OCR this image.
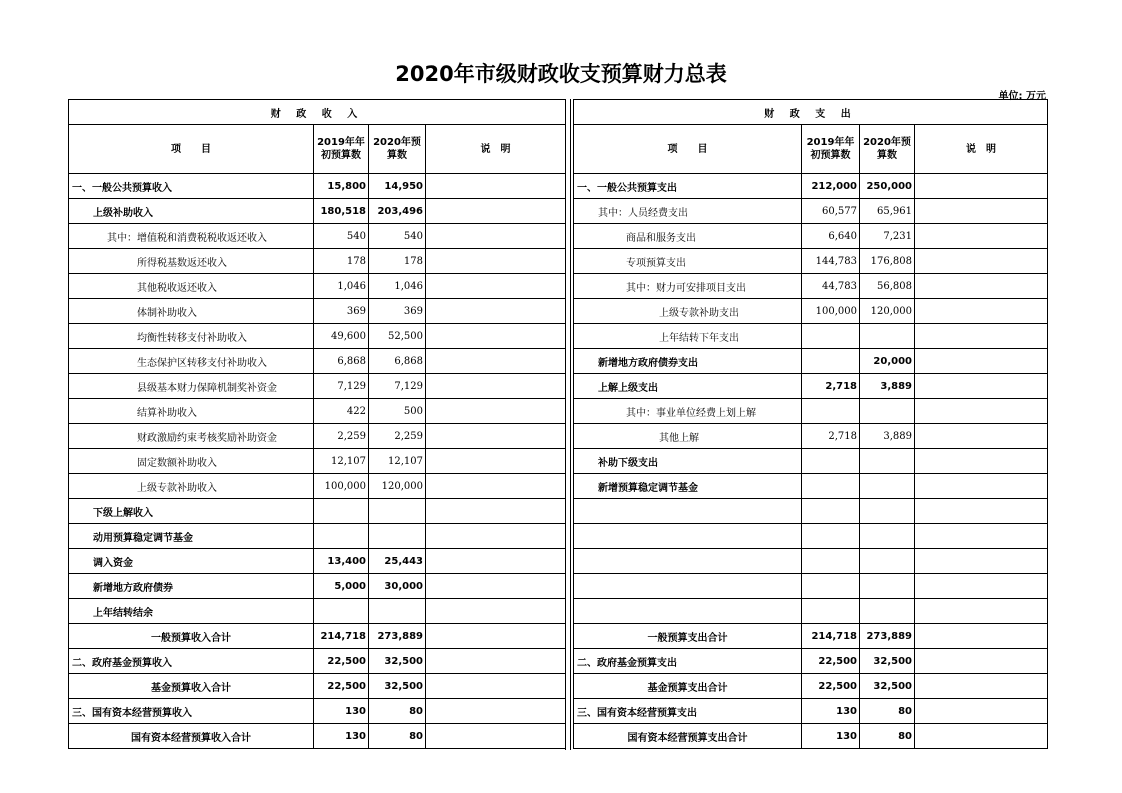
2020年市级财政收支预算财力总表
单位: 万元
财 政 收 入			
项　　目	2019年年初预算数	2020年预算数	说　明
一、一般公共预算收入	15,800	14,950	
上级补助收入	180,518	203,496	
其中：增值税和消费税税收返还收入	540	540	
所得税基数返还收入	178	178	
其他税收返还收入	1,046	1,046	
体制补助收入	369	369	
均衡性转移支付补助收入	49,600	52,500	
生态保护区转移支付补助收入	6,868	6,868	
县级基本财力保障机制奖补资金	7,129	7,129	
结算补助收入	422	500	
财政激励约束考核奖励补助资金	2,259	2,259	
固定数额补助收入	12,107	12,107	
上级专款补助收入	100,000	120,000	
下级上解收入			
动用预算稳定调节基金			
调入资金	13,400	25,443	
新增地方政府债券	5,000	30,000	
上年结转结余			
一般预算收入合计	214,718	273,889	
二、政府基金预算收入	22,500	32,500	
基金预算收入合计	22,500	32,500	
三、国有资本经营预算收入	130	80	
国有资本经营预算收入合计	130	80	
财 政 支 出			
项　　目	2019年年初预算数	2020年预算数	说　明
一、一般公共预算支出	212,000	250,000	
其中：人员经费支出	60,577	65,961	
商品和服务支出	6,640	7,231	
专项预算支出	144,783	176,808	
其中：财力可安排项目支出	44,783	56,808	
上级专款补助支出	100,000	120,000	
上年结转下年支出			
新增地方政府债券支出		20,000	
上解上级支出	2,718	3,889	
其中：事业单位经费上划上解			
其他上解	2,718	3,889	
补助下级支出			
新增预算稳定调节基金			

一般预算支出合计	214,718	273,889	
二、政府基金预算支出	22,500	32,500	
基金预算支出合计	22,500	32,500	
三、国有资本经营预算支出	130	80	
国有资本经营预算支出合计	130	80	
